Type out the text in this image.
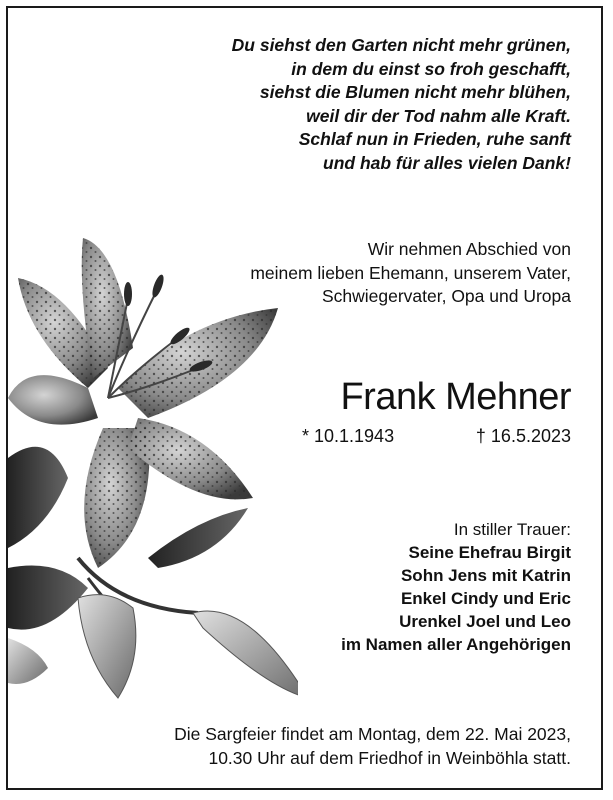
Du siehst den Garten nicht mehr grünen,
in dem du einst so froh geschafft,
siehst die Blumen nicht mehr blühen,
weil dir der Tod nahm alle Kraft.
Schlaf nun in Frieden, ruhe sanft
und hab für alles vielen Dank!
Wir nehmen Abschied von
meinem lieben Ehemann, unserem Vater,
Schwiegervater, Opa und Uropa
Frank Mehner
* 10.1.1943	† 16.5.2023
In stiller Trauer:
Seine Ehefrau Birgit
Sohn Jens mit Katrin
Enkel Cindy und Eric
Urenkel Joel und Leo
im Namen aller Angehörigen
Die Sargfeier findet am Montag, dem 22. Mai 2023,
10.30 Uhr auf dem Friedhof in Weinböhla statt.
